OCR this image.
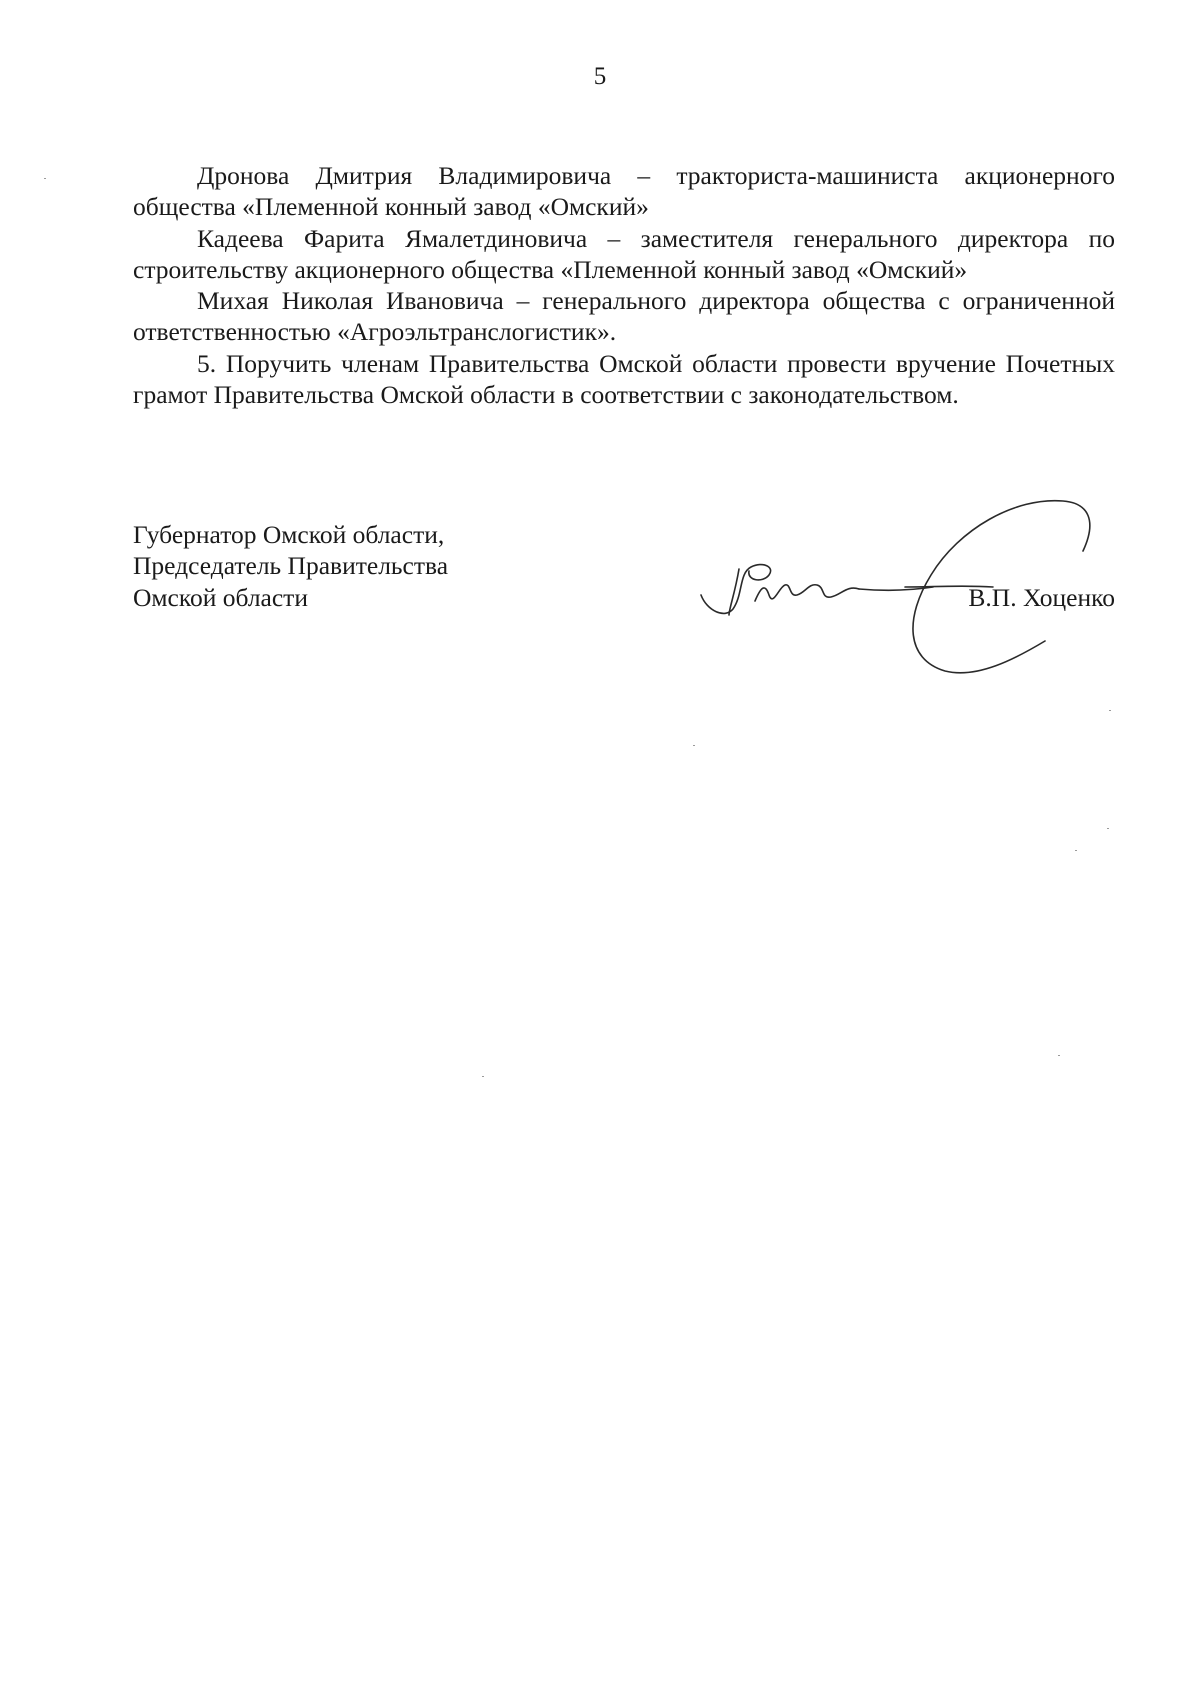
5

Дронова Дмитрия Владимировича – тракториста-машиниста акционерного общества «Племенной конный завод «Омский»

Кадеева Фарита Ямалетдиновича – заместителя генерального директора по строительству акционерного общества «Племенной конный завод «Омский»

Михая Николая Ивановича – генерального директора общества с ограниченной ответственностью «Агроэльтранслогистик».

5. Поручить членам Правительства Омской области провести вручение Почетных грамот Правительства Омской области в соответствии с законодательством.

Губернатор Омской области,
Председатель Правительства
Омской области	В.П. Хоценко
